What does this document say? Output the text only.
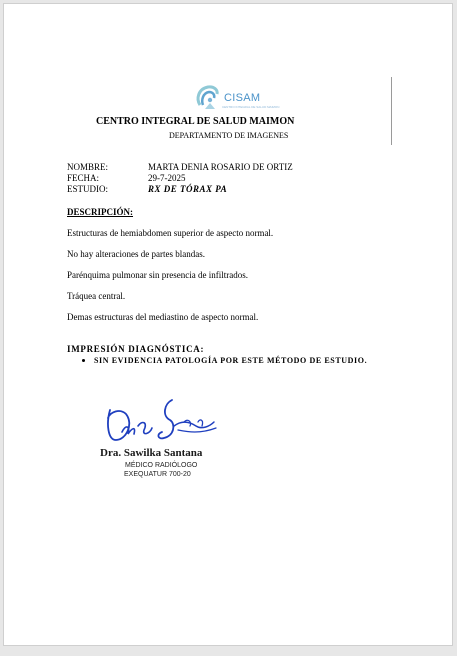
CISAM
CENTRO INTEGRAL DE SALUD MAIMON
CENTRO INTEGRAL DE SALUD MAIMON
DEPARTAMENTO DE IMAGENES
NOMBRE:	MARTA DENIA ROSARIO DE ORTIZ
FECHA:	29-7-2025
ESTUDIO:	RX DE TÓRAX PA
DESCRIPCIÓN:
Estructuras de hemiabdomen superior de aspecto normal.
No hay alteraciones de partes blandas.
Parénquima pulmonar sin presencia de infiltrados.
Tráquea central.
Demas estructuras del mediastino de aspecto normal.
IMPRESIÓN DIAGNÓSTICA:
SIN EVIDENCIA PATOLOGÍA POR ESTE MÉTODO DE ESTUDIO.
Dra. Sawilka Santana
MÉDICO RADIÓLOGO
EXEQUATUR 700-20
